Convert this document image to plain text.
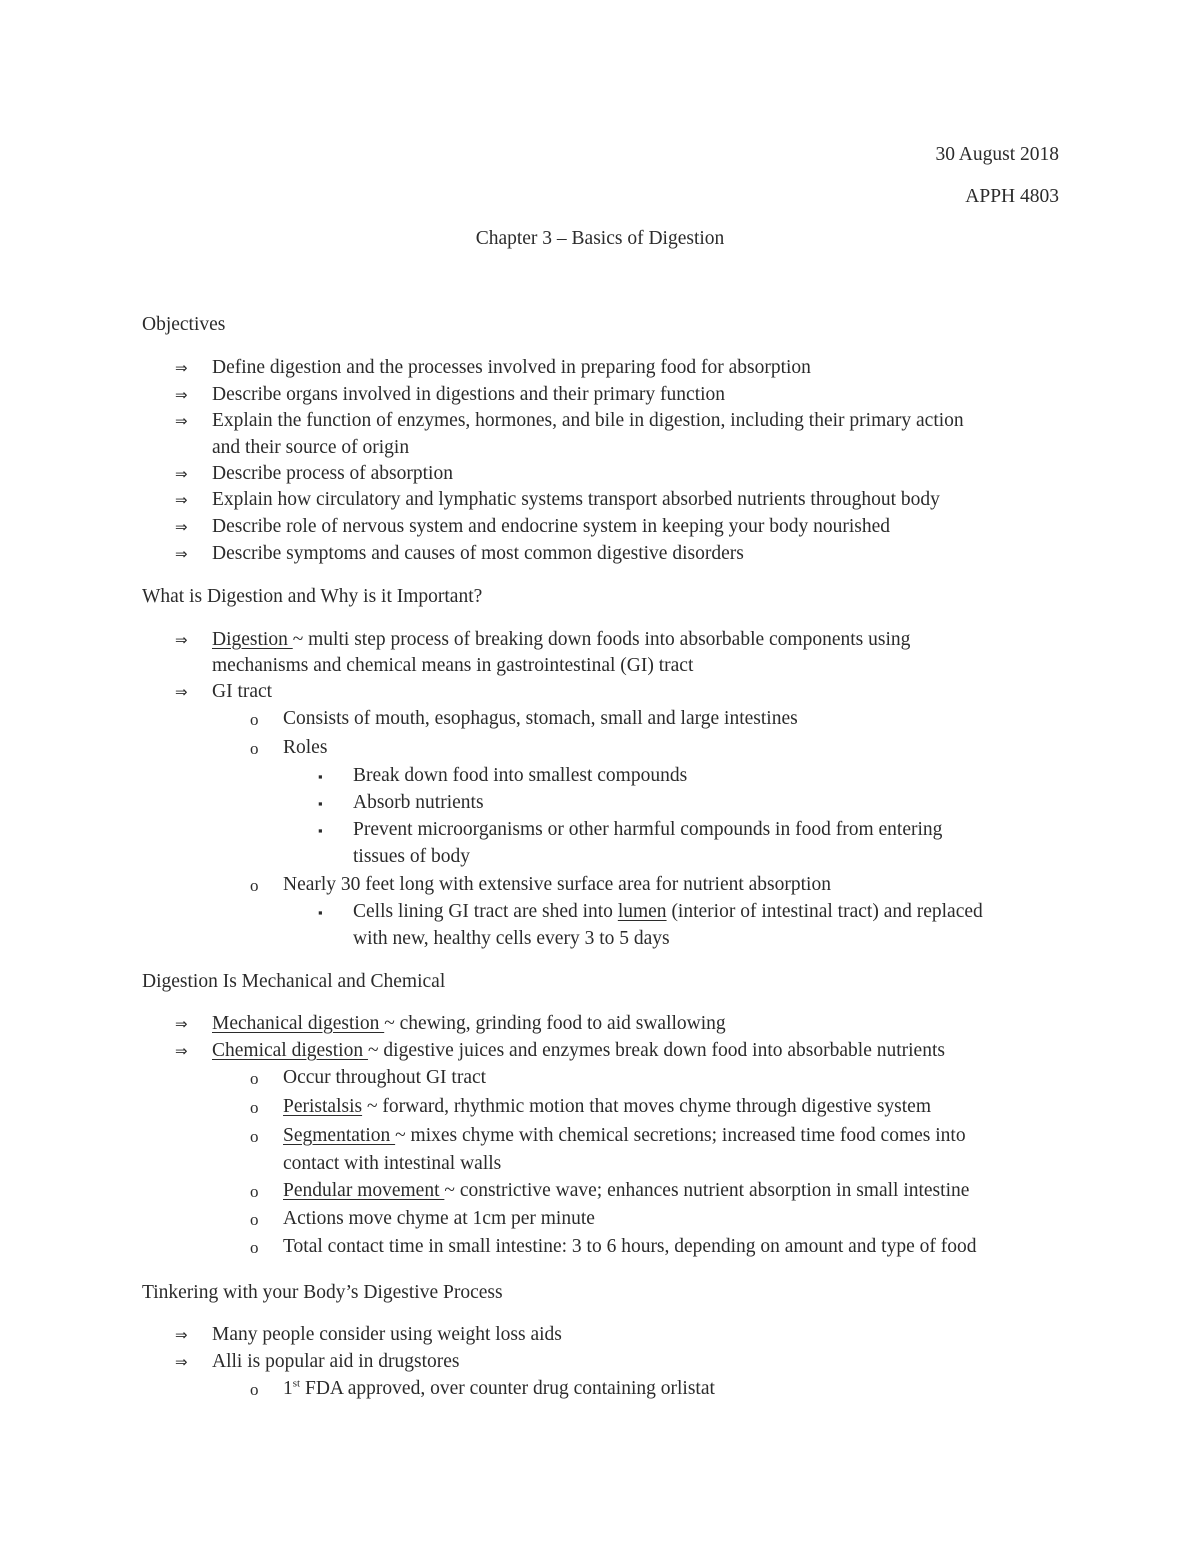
30 August 2018
APPH 4803
Chapter 3 – Basics of Digestion
Objectives
⇒ Define digestion and the processes involved in preparing food for absorption
⇒ Describe organs involved in digestions and their primary function
⇒ Explain the function of enzymes, hormones, and bile in digestion, including their primary action
and their source of origin
⇒ Describe process of absorption
⇒ Explain how circulatory and lymphatic systems transport absorbed nutrients throughout body
⇒ Describe role of nervous system and endocrine system in keeping your body nourished
⇒ Describe symptoms and causes of most common digestive disorders
What is Digestion and Why is it Important?
⇒ Digestion ~ multi step process of breaking down foods into absorbable components using
mechanisms and chemical means in gastrointestinal (GI) tract
⇒ GI tract
o Consists of mouth, esophagus, stomach, small and large intestines
o Roles
▪ Break down food into smallest compounds
▪ Absorb nutrients
▪ Prevent microorganisms or other harmful compounds in food from entering
tissues of body
o Nearly 30 feet long with extensive surface area for nutrient absorption
▪ Cells lining GI tract are shed into lumen (interior of intestinal tract) and replaced
with new, healthy cells every 3 to 5 days
Digestion Is Mechanical and Chemical
⇒ Mechanical digestion ~ chewing, grinding food to aid swallowing
⇒ Chemical digestion ~ digestive juices and enzymes break down food into absorbable nutrients
o Occur throughout GI tract
o Peristalsis ~ forward, rhythmic motion that moves chyme through digestive system
o Segmentation ~ mixes chyme with chemical secretions; increased time food comes into
contact with intestinal walls
o Pendular movement ~ constrictive wave; enhances nutrient absorption in small intestine
o Actions move chyme at 1cm per minute
o Total contact time in small intestine: 3 to 6 hours, depending on amount and type of food
Tinkering with your Body’s Digestive Process
⇒ Many people consider using weight loss aids
⇒ Alli is popular aid in drugstores
o 1st FDA approved, over counter drug containing orlistat
